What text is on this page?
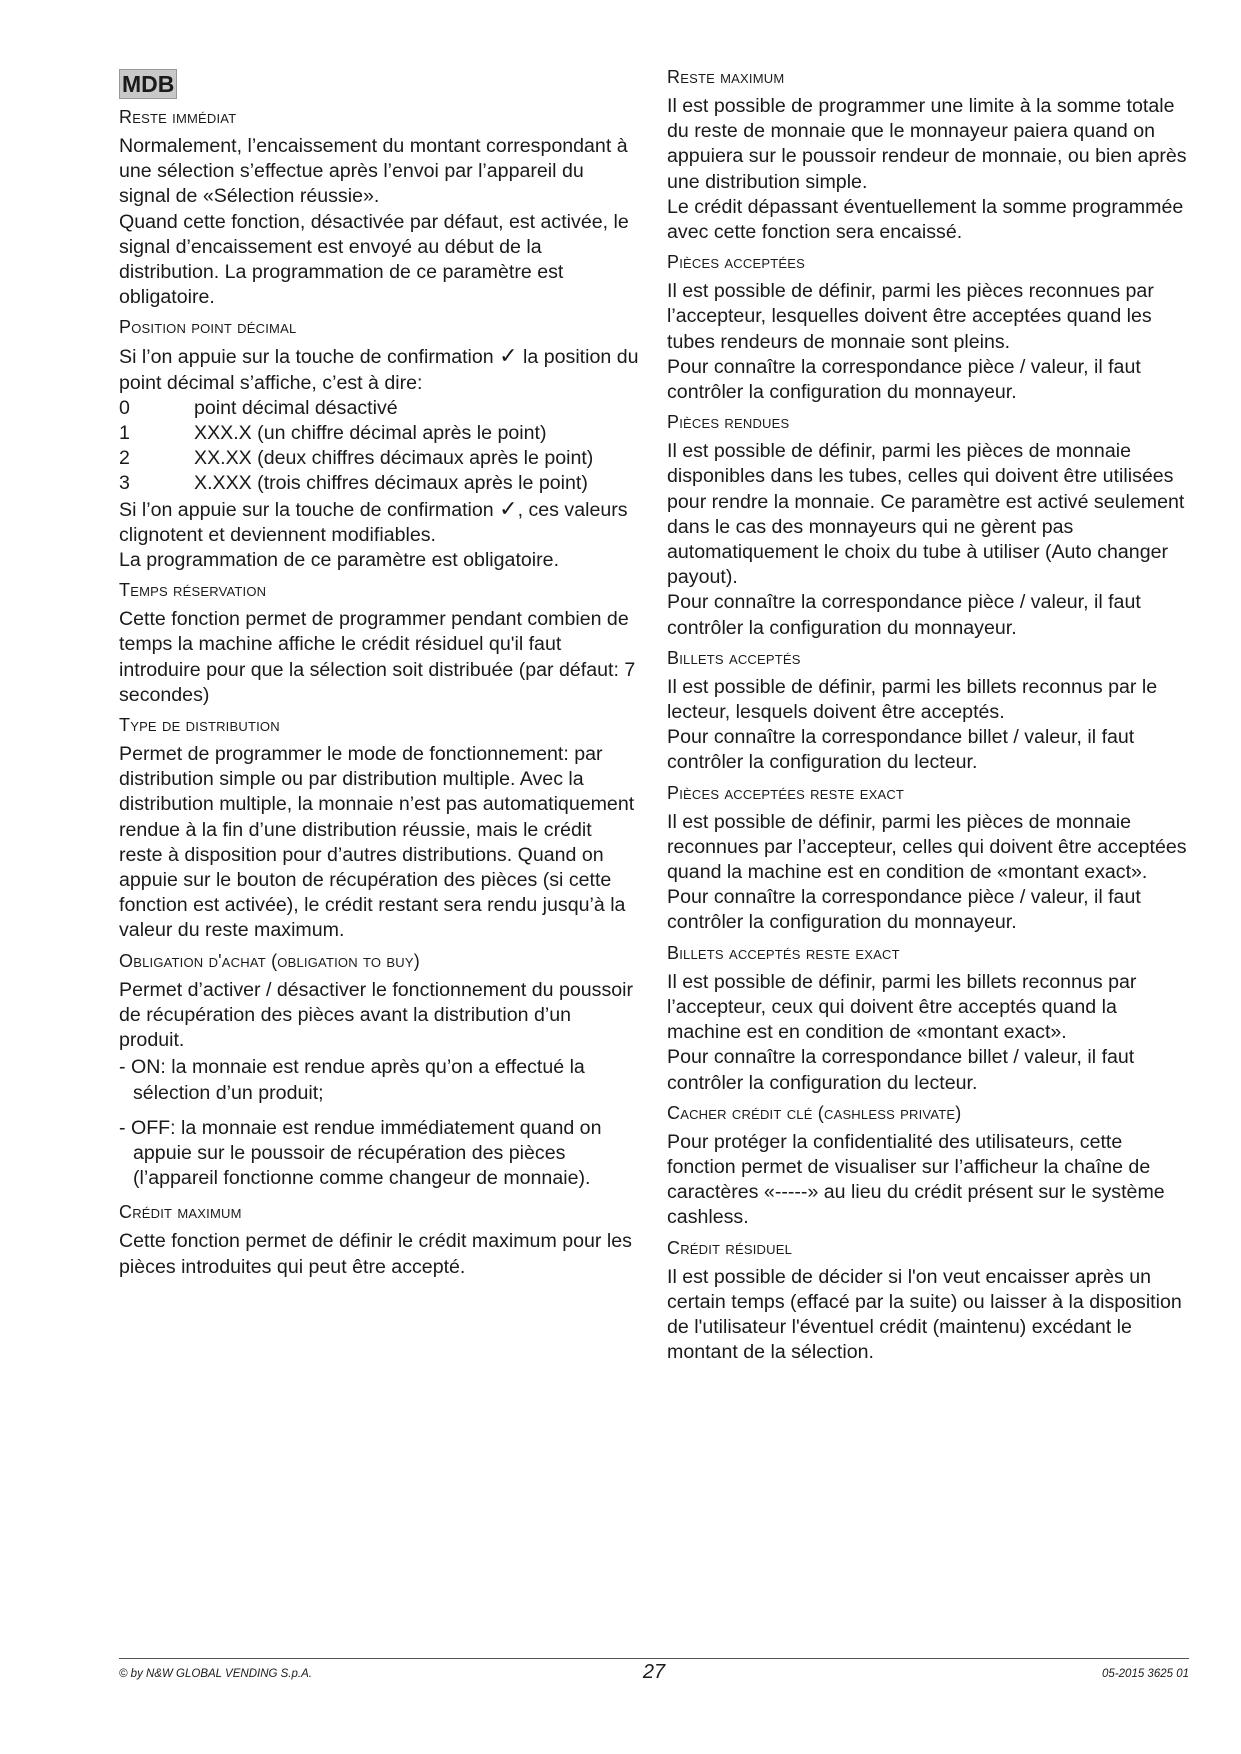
MDB
Reste immédiat

Normalement, l’encaissement du montant correspondant à une sélection s’effectue après l’envoi par l’appareil du signal de «Sélection réussie».

Quand cette fonction, désactivée par défaut, est activée, le signal d’encaissement est envoyé au début de la distribution. La programmation de ce paramètre est obligatoire.

Position point décimal

Si l’on appuie sur la touche de confirmation ✓ la position du point décimal s’affiche, c’est à dire:

0	point décimal désactivé
1	XXX.X (un chiffre décimal après le point)
2	XX.XX (deux chiffres décimaux après le point)
3	X.XXX (trois chiffres décimaux après le point)

Si l’on appuie sur la touche de confirmation ✓, ces valeurs clignotent et deviennent modifiables.

La programmation de ce paramètre est obligatoire.

Temps réservation

Cette fonction permet de programmer pendant combien de temps la machine affiche le crédit résiduel qu'il faut introduire pour que la sélection soit distribuée (par défaut: 7 secondes)

Type de distribution

Permet de programmer le mode de fonctionnement: par distribution simple ou par distribution multiple. Avec la distribution multiple, la monnaie n’est pas automatiquement rendue à la fin d’une distribution réussie, mais le crédit reste à disposition pour d’autres distributions. Quand on appuie sur le bouton de récupération des pièces (si cette fonction est activée), le crédit restant sera rendu jusqu’à la valeur du reste maximum.

Obligation d'achat (obligation to buy)

Permet d’activer / désactiver le fonctionnement du poussoir de récupération des pièces avant la distribution d’un produit.

- ON: la monnaie est rendue après qu’on a effectué la sélection d’un produit;
- OFF: la monnaie est rendue immédiatement quand on appuie sur le poussoir de récupération des pièces (l’appareil fonctionne comme changeur de monnaie).
Crédit maximum

Cette fonction permet de définir le crédit maximum pour les pièces introduites qui peut être accepté.

Reste maximum

Il est possible de programmer une limite à la somme totale du reste de monnaie que le monnayeur paiera quand on appuiera sur le poussoir rendeur de monnaie, ou bien après une distribution simple.

Le crédit dépassant éventuellement la somme programmée avec cette fonction sera encaissé.

Pièces acceptées

Il est possible de définir, parmi les pièces reconnues par l’accepteur, lesquelles doivent être acceptées quand les tubes rendeurs de monnaie sont pleins.

Pour connaître la correspondance pièce / valeur, il faut contrôler la configuration du monnayeur.

Pièces rendues

Il est possible de définir, parmi les pièces de monnaie disponibles dans les tubes, celles qui doivent être utilisées pour rendre la monnaie. Ce paramètre est activé seulement dans le cas des monnayeurs qui ne gèrent pas automatiquement le choix du tube à utiliser (Auto changer payout).

Pour connaître la correspondance pièce / valeur, il faut contrôler la configuration du monnayeur.

Billets acceptés

Il est possible de définir, parmi les billets reconnus par le lecteur, lesquels doivent être acceptés.

Pour connaître la correspondance billet / valeur, il faut contrôler la configuration du lecteur.

Pièces acceptées reste exact

Il est possible de définir, parmi les pièces de monnaie reconnues par l’accepteur, celles qui doivent être acceptées quand la machine est en condition de «montant exact».

Pour connaître la correspondance pièce / valeur, il faut contrôler la configuration du monnayeur.

Billets acceptés reste exact

Il est possible de définir, parmi les billets reconnus par l’accepteur, ceux qui doivent être acceptés quand la machine est en condition de «montant exact».

Pour connaître la correspondance billet / valeur, il faut contrôler la configuration du lecteur.

Cacher crédit clé (cashless private)

Pour protéger la confidentialité des utilisateurs, cette fonction permet de visualiser sur l’afficheur la chaîne de caractères «-----» au lieu du crédit présent sur le système cashless.

Crédit résiduel

Il est possible de décider si l'on veut encaisser après un certain temps (effacé par la suite) ou laisser à la disposition de l'utilisateur l'éventuel crédit (maintenu) excédant le montant de la sélection.

© by N&W GLOBAL VENDING S.p.A.	27	05-2015 3625 01
